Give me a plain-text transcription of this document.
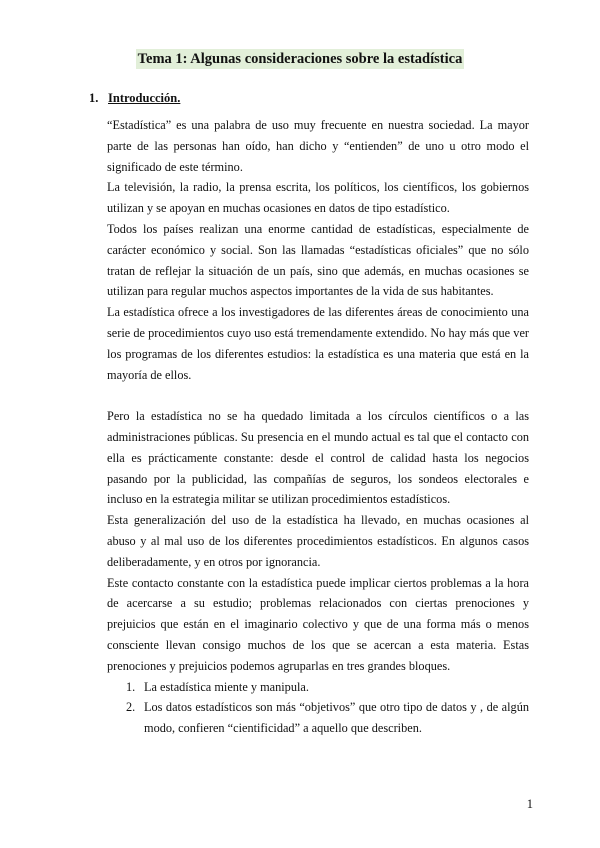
Tema 1: Algunas consideraciones sobre la estadística
1. Introducción.

“Estadística” es una palabra de uso muy frecuente en nuestra sociedad. La mayor parte de las personas han oído, han dicho y “entienden” de uno u otro modo el significado de este término.

La televisión, la radio, la prensa escrita, los políticos, los científicos, los gobiernos utilizan y se apoyan en muchas ocasiones en datos de tipo estadístico.

Todos los países realizan una enorme cantidad de estadísticas, especialmente de carácter económico y social. Son las llamadas “estadísticas oficiales” que no sólo tratan de reflejar la situación de un país, sino que además, en muchas ocasiones se utilizan para regular muchos aspectos importantes de la vida de sus habitantes.

La estadística ofrece a los investigadores de las diferentes áreas de conocimiento una serie de procedimientos cuyo uso está tremendamente extendido. No hay más que ver los programas de los diferentes estudios: la estadística es una materia que está en la mayoría de ellos.

Pero la estadística no se ha quedado limitada a los círculos científicos o a las administraciones públicas. Su presencia en el mundo actual es tal que el contacto con ella es prácticamente constante: desde el control de calidad hasta los negocios pasando por la publicidad, las compañías de seguros, los sondeos electorales e incluso en la estrategia militar se utilizan procedimientos estadísticos.

Esta generalización del uso de la estadística ha llevado, en muchas ocasiones al abuso y al mal uso de los diferentes procedimientos estadísticos. En algunos casos deliberadamente, y en otros por ignorancia.

Este contacto constante con la estadística puede implicar ciertos problemas a la hora de acercarse a su estudio; problemas relacionados con ciertas prenociones y prejuicios que están en el imaginario colectivo y que de una forma más o menos consciente llevan consigo muchos de los que se acercan a esta materia. Estas prenociones y prejuicios podemos agruparlas en tres grandes bloques.

1. La estadística miente y manipula.
2. Los datos estadísticos son más “objetivos” que otro tipo de datos y , de algún modo, confieren “cientificidad” a aquello que describen.
1
